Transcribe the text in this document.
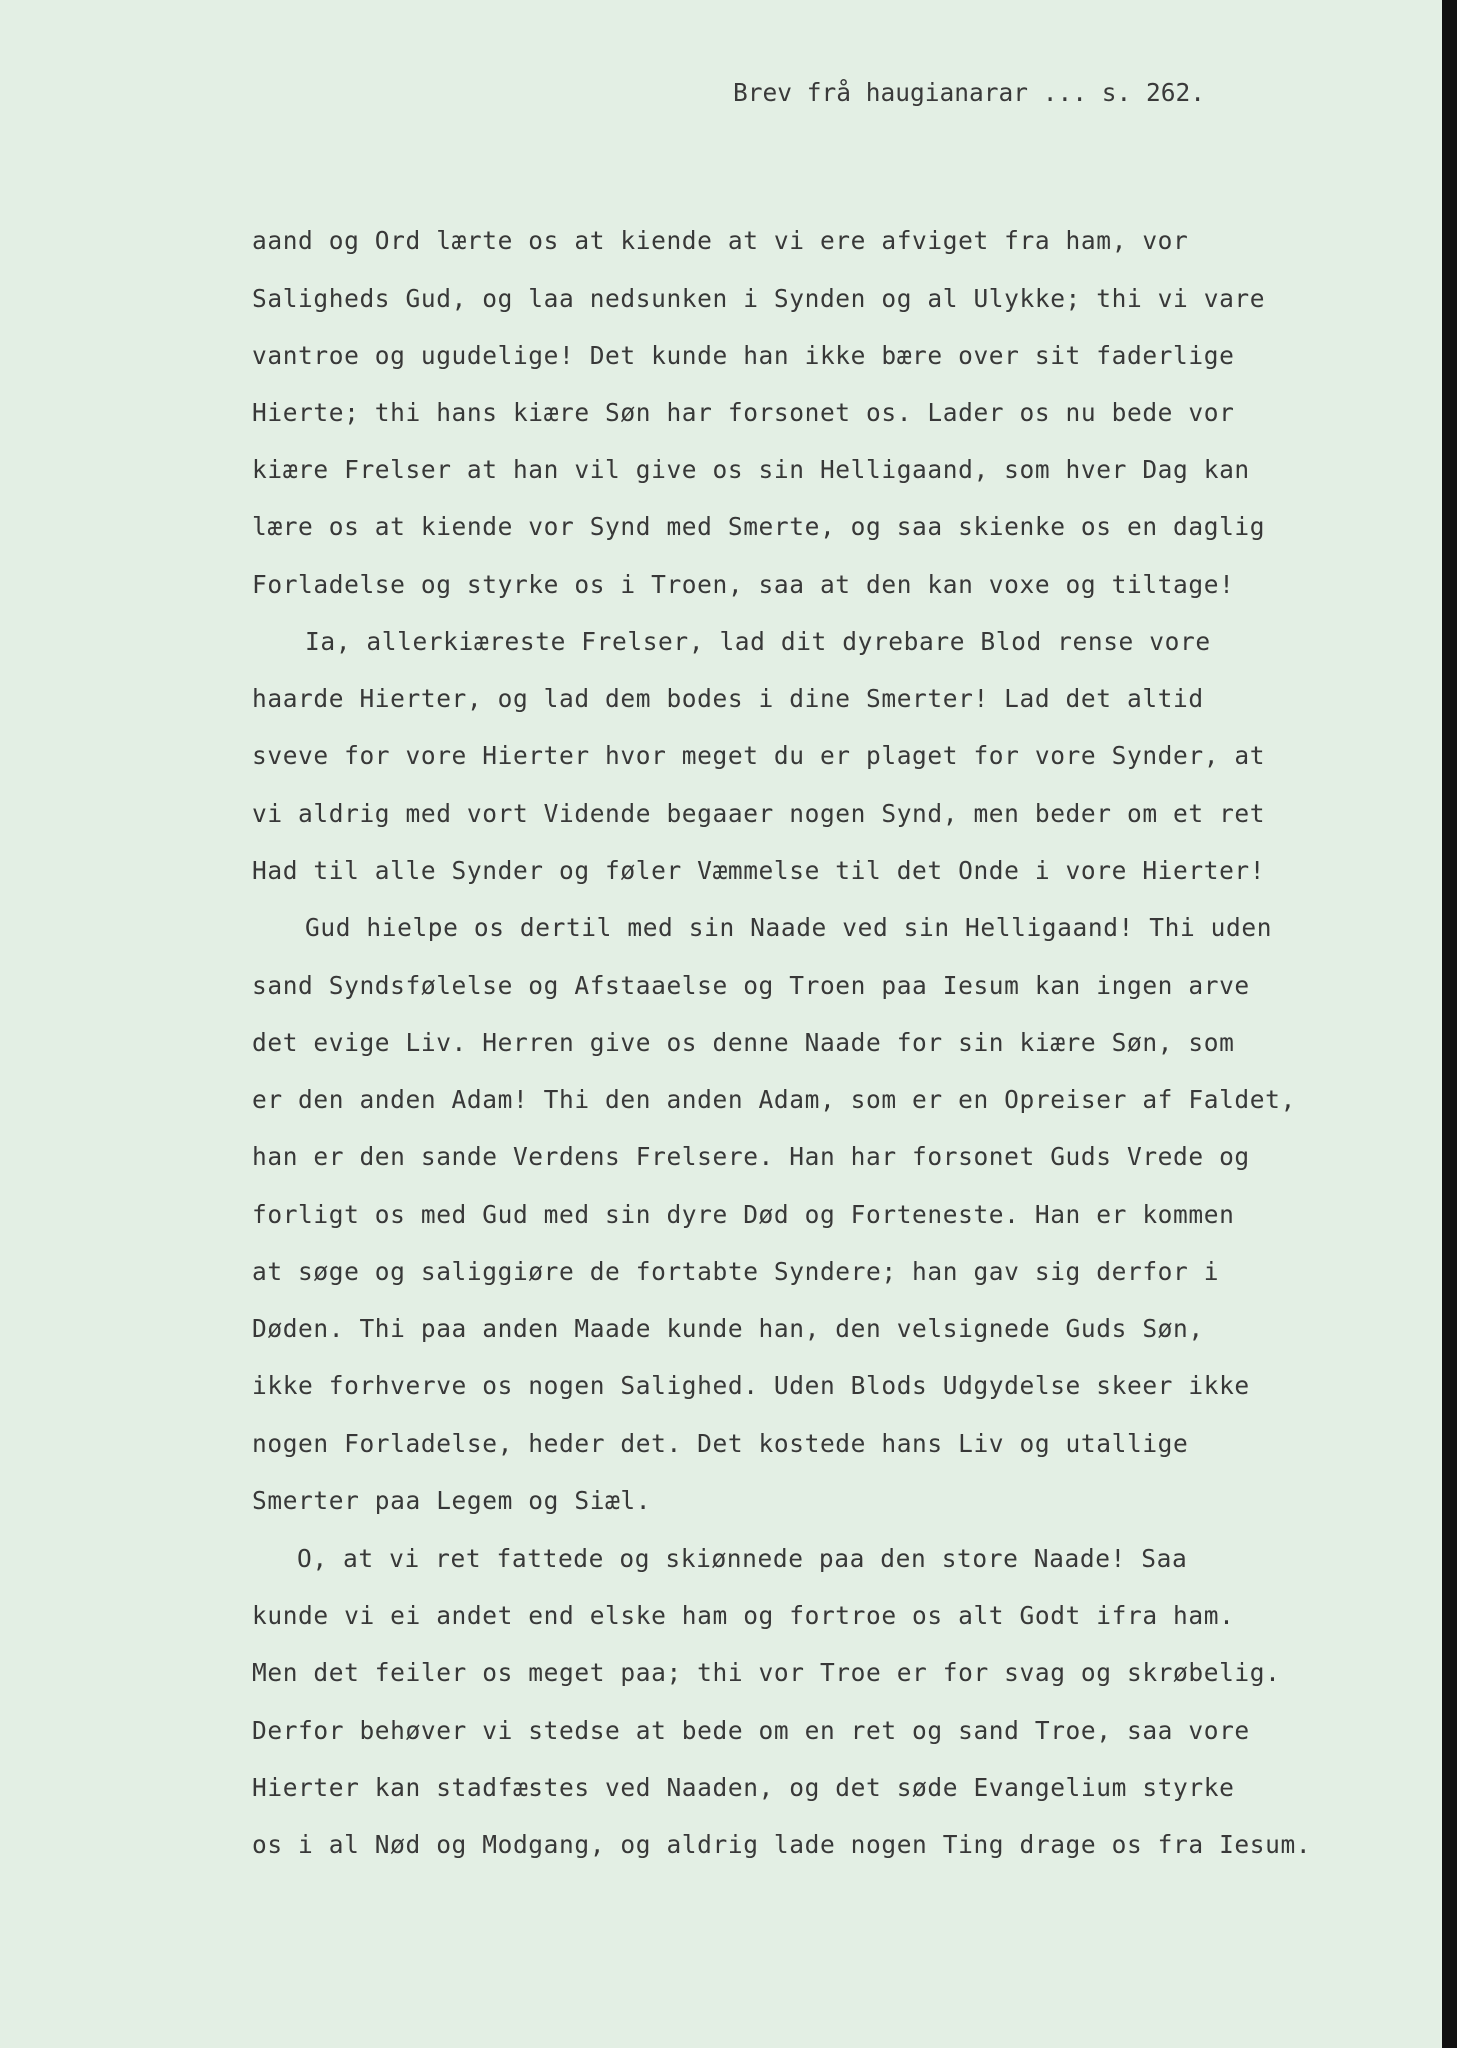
Brev frå haugianarar ... s. 262.
aand og Ord lærte os at kiende at vi ere afviget fra ham, vor
Saligheds Gud, og laa nedsunken i Synden og al Ulykke; thi vi vare
vantroe og ugudelige! Det kunde han ikke bære over sit faderlige
Hierte; thi hans kiære Søn har forsonet os. Lader os nu bede vor
kiære Frelser at han vil give os sin Helligaand, som hver Dag kan
lære os at kiende vor Synd med Smerte, og saa skienke os en daglig
Forladelse og styrke os i Troen, saa at den kan voxe og tiltage!
Ia, allerkiæreste Frelser, lad dit dyrebare Blod rense vore
haarde Hierter, og lad dem bodes i dine Smerter! Lad det altid
sveve for vore Hierter hvor meget du er plaget for vore Synder, at
vi aldrig med vort Vidende begaaer nogen Synd, men beder om et ret
Had til alle Synder og føler Væmmelse til det Onde i vore Hierter!
Gud hielpe os dertil med sin Naade ved sin Helligaand! Thi uden
sand Syndsfølelse og Afstaaelse og Troen paa Iesum kan ingen arve
det evige Liv. Herren give os denne Naade for sin kiære Søn, som
er den anden Adam! Thi den anden Adam, som er en Opreiser af Faldet,
han er den sande Verdens Frelsere. Han har forsonet Guds Vrede og
forligt os med Gud med sin dyre Død og Forteneste. Han er kommen
at søge og saliggiøre de fortabte Syndere; han gav sig derfor i
Døden. Thi paa anden Maade kunde han, den velsignede Guds Søn,
ikke forhverve os nogen Salighed. Uden Blods Udgydelse skeer ikke
nogen Forladelse, heder det. Det kostede hans Liv og utallige
Smerter paa Legem og Siæl.
O, at vi ret fattede og skiønnede paa den store Naade! Saa
kunde vi ei andet end elske ham og fortroe os alt Godt ifra ham.
Men det feiler os meget paa; thi vor Troe er for svag og skrøbelig.
Derfor behøver vi stedse at bede om en ret og sand Troe, saa vore
Hierter kan stadfæstes ved Naaden, og det søde Evangelium styrke
os i al Nød og Modgang, og aldrig lade nogen Ting drage os fra Iesum.
